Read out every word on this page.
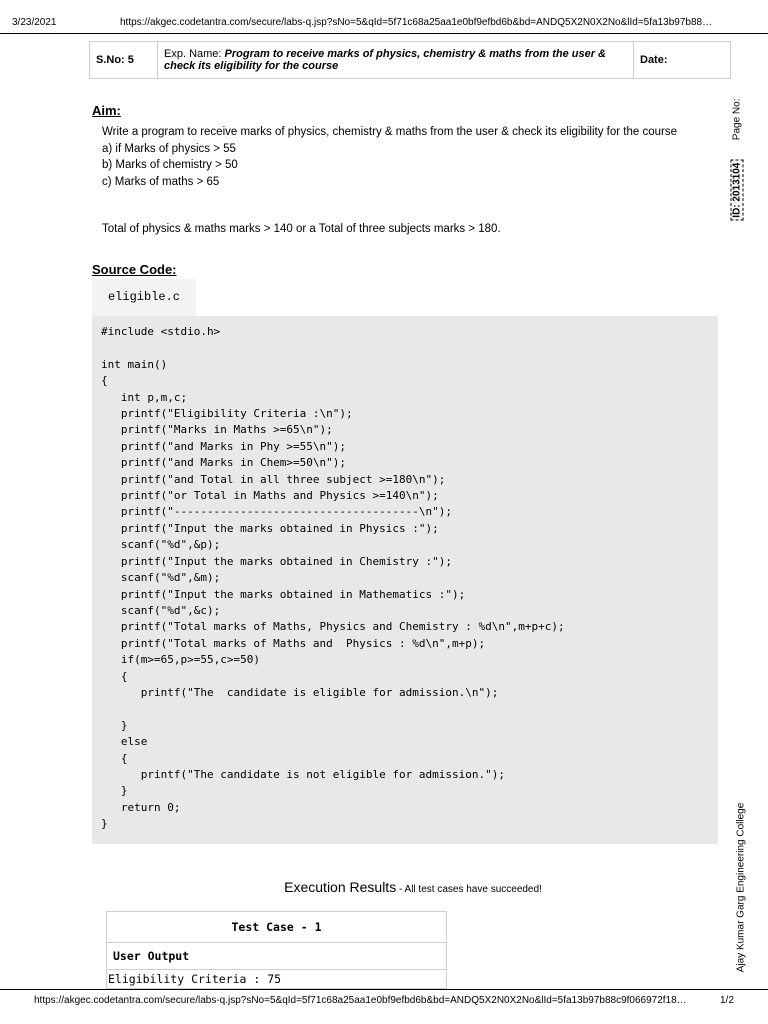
3/23/2021	https://akgec.codetantra.com/secure/labs-q.jsp?sNo=5&qId=5f71c68a25aa1e0bf9efbd6b&bd=ANDQ5X2N0X2No&lId=5fa13b97b88…
S.No: 5	Exp. Name: Program to receive marks of physics, chemistry & maths from the user & check its eligibility for the course	Date:
Aim:

Write a program to receive marks of physics, chemistry & maths from the user & check its eligibility for the course

a) if Marks of physics > 55

b) Marks of chemistry > 50

c) Marks of maths > 65

Total of physics & maths marks > 140 or a Total of three subjects marks > 180.
Source Code:
eligible.c
#include <stdio.h>

int main()
{
int p,m,c;
printf("Eligibility Criteria :\n");
printf("Marks in Maths >=65\n");
printf("and Marks in Phy >=55\n");
printf("and Marks in Chem>=50\n");
printf("and Total in all three subject >=180\n");
printf("or Total in Maths and Physics >=140\n");
printf("-------------------------------------\n");
printf("Input the marks obtained in Physics :");
scanf("%d",&p);
printf("Input the marks obtained in Chemistry :");
scanf("%d",&m);
printf("Input the marks obtained in Mathematics :");
scanf("%d",&c);
printf("Total marks of Maths, Physics and Chemistry : %d\n",m+p+c);
printf("Total marks of Maths and  Physics : %d\n",m+p);
if(m>=65,p>=55,c>=50)
{
printf("The  candidate is eligible for admission.\n");

}
else
{
printf("The candidate is not eligible for admission.");
}
return 0;
}
Execution Results - All test cases have succeeded!
Test Case - 1
User Output
Eligibility Criteria : 75
ID: 2013104       Page No:
Ajay Kumar Garg Engineering College
https://akgec.codetantra.com/secure/labs-q.jsp?sNo=5&qId=5f71c68a25aa1e0bf9efbd6b&bd=ANDQ5X2N0X2No&lId=5fa13b97b88c9f066972f18…	1/2
